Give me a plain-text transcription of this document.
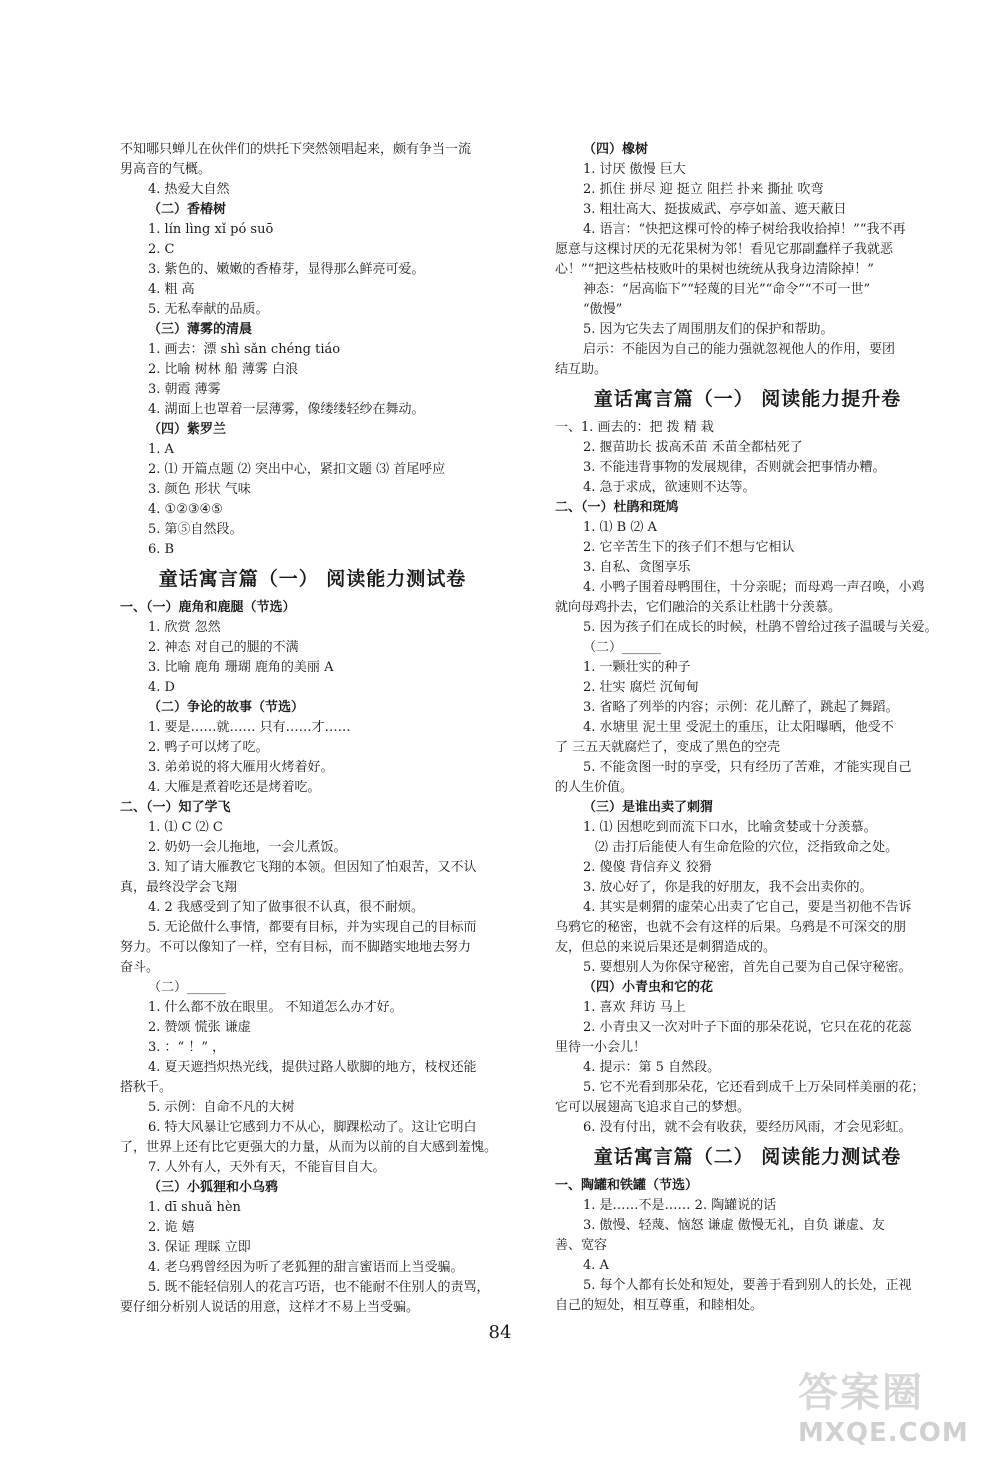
不知哪只蝉儿在伙伴们的烘托下突然领唱起来，颇有争当一流
男高音的气概。
4. 热爱大自然
（二）香椿树
1. lín lìng xǐ pó suō
2. C
3. 紫色的、嫩嫩的香椿芽，显得那么鲜亮可爱。
4. 粗 高
5. 无私奉献的品质。
（三）薄雾的清晨
1. 画去：漂 shì sǎn chéng tiáo
2. 比喻 树林 船 薄雾 白浪
3. 朝霞 薄雾
4. 湖面上也罩着一层薄雾，像缕缕轻纱在舞动。
（四）紫罗兰
1. A
2. ⑴ 开篇点题 ⑵ 突出中心，紧扣文题 ⑶ 首尾呼应
3. 颜色 形状 气味
4. ①②③④⑤
5. 第⑤自然段。
6. B
童话寓言篇（一） 阅读能力测试卷
一、（一）鹿角和鹿腿（节选）
1. 欣赏 忽然
2. 神态 对自己的腿的不满
3. 比喻 鹿角 珊瑚 鹿角的美丽 A
4. D
（二）争论的故事（节选）
1. 要是……就…… 只有……才……
2. 鸭子可以烤了吃。
3. 弟弟说的将大雁用火烤着好。
4. 大雁是煮着吃还是烤着吃。
二、（一）知了学飞
1. ⑴ C ⑵ C
2. 奶奶一会儿拖地，一会儿煮饭。
3. 知了请大雁教它飞翔的本领。但因知了怕艰苦，又不认
真，最终没学会飞翔
4. 2 我感受到了知了做事很不认真，很不耐烦。
5. 无论做什么事情，都要有目标，并为实现自己的目标而
努力。不可以像知了一样，空有目标，而不脚踏实地地去努力
奋斗。
（二）______
1. 什么都不放在眼里。 不知道怎么办才好。
2. 赞颂 慌张 谦虚
3. ：“ ！” ，
4. 夏天遮挡炽热光线，提供过路人歇脚的地方，枝杈还能
搭秋千。
5. 示例：自命不凡的大树
6. 特大风暴让它感到力不从心，脚踝松动了。这让它明白
了，世界上还有比它更强大的力量，从而为以前的自大感到羞愧。
7. 人外有人，天外有天，不能盲目自大。
（三）小狐狸和小乌鸦
1. dī shuǎ hèn
2. 诡 嬉
3. 保证 理睬 立即
4. 老乌鸦曾经因为听了老狐狸的甜言蜜语而上当受骗。
5. 既不能轻信别人的花言巧语，也不能耐不住别人的责骂，
要仔细分析别人说话的用意，这样才不易上当受骗。
（四）橡树
1. 讨厌 傲慢 巨大
2. 抓住 拼尽 迎 挺立 阻拦 扑来 撕扯 吹弯
3. 粗壮高大、挺拔威武、亭亭如盖、遮天蔽日
4. 语言：“快把这棵可怜的棒子树给我收拾掉！”“我不再
愿意与这棵讨厌的无花果树为邻！看见它那副蠢样子我就恶
心！”“把这些枯枝败叶的果树也统统从我身边清除掉！”
神态：“居高临下”“轻蔑的目光”“命令”“不可一世”
“傲慢”
5. 因为它失去了周围朋友们的保护和帮助。
启示：不能因为自己的能力强就忽视他人的作用，要团
结互助。
童话寓言篇（一） 阅读能力提升卷
一、1. 画去的：把 拨 精 栽
2. 揠苗助长 拔高禾苗 禾苗全都枯死了
3. 不能违背事物的发展规律，否则就会把事情办糟。
4. 急于求成，欲速则不达等。
二、（一）杜鹃和斑鸠
1. ⑴ B ⑵ A
2. 它辛苦生下的孩子们不想与它相认
3. 自私、贪图享乐
4. 小鸭子围着母鸭围住，十分亲昵；而母鸡一声召唤，小鸡
就向母鸡扑去，它们融洽的关系让杜鹃十分羡慕。
5. 因为孩子们在成长的时候，杜鹃不曾给过孩子温暖与关爱。
（二）______
1. 一颗壮实的种子
2. 壮实 腐烂 沉甸甸
3. 省略了列举的内容；示例：花儿醉了，跳起了舞蹈。
4. 水塘里 泥土里 受泥土的重压，让太阳曝晒，他受不
了 三五天就腐烂了，变成了黑色的空壳
5. 不能贪图一时的享受，只有经历了苦难，才能实现自己
的人生价值。
（三）是谁出卖了刺猬
1. ⑴ 因想吃到而流下口水，比喻贪婪或十分羡慕。
⑵ 击打后能使人有生命危险的穴位，泛指致命之处。
2. 傻傻 背信弃义 狡猾
3. 放心好了，你是我的好朋友，我不会出卖你的。
4. 其实是刺猬的虚荣心出卖了它自己，要是当初他不告诉
乌鸦它的秘密，也就不会有这样的后果。乌鸦是不可深交的朋
友，但总的来说后果还是刺猬造成的。
5. 要想别人为你保守秘密，首先自己要为自己保守秘密。
（四）小青虫和它的花
1. 喜欢 拜访 马上
2. 小青虫又一次对叶子下面的那朵花说，它只在花的花蕊
里待一小会儿！
4. 提示：第 5 自然段。
5. 它不光看到那朵花，它还看到成千上万朵同样美丽的花；
它可以展翅高飞追求自己的梦想。
6. 没有付出，就不会有收获，要经历风雨，才会见彩虹。
童话寓言篇（二） 阅读能力测试卷
一、陶罐和铁罐（节选）
1. 是……不是…… 2. 陶罐说的话
3. 傲慢、轻蔑、恼怒 谦虚 傲慢无礼，自负 谦虚、友
善、宽容
4. A
5. 每个人都有长处和短处，要善于看到别人的长处，正视
自己的短处，相互尊重，和睦相处。
84
答案圈
MXQE.COM
